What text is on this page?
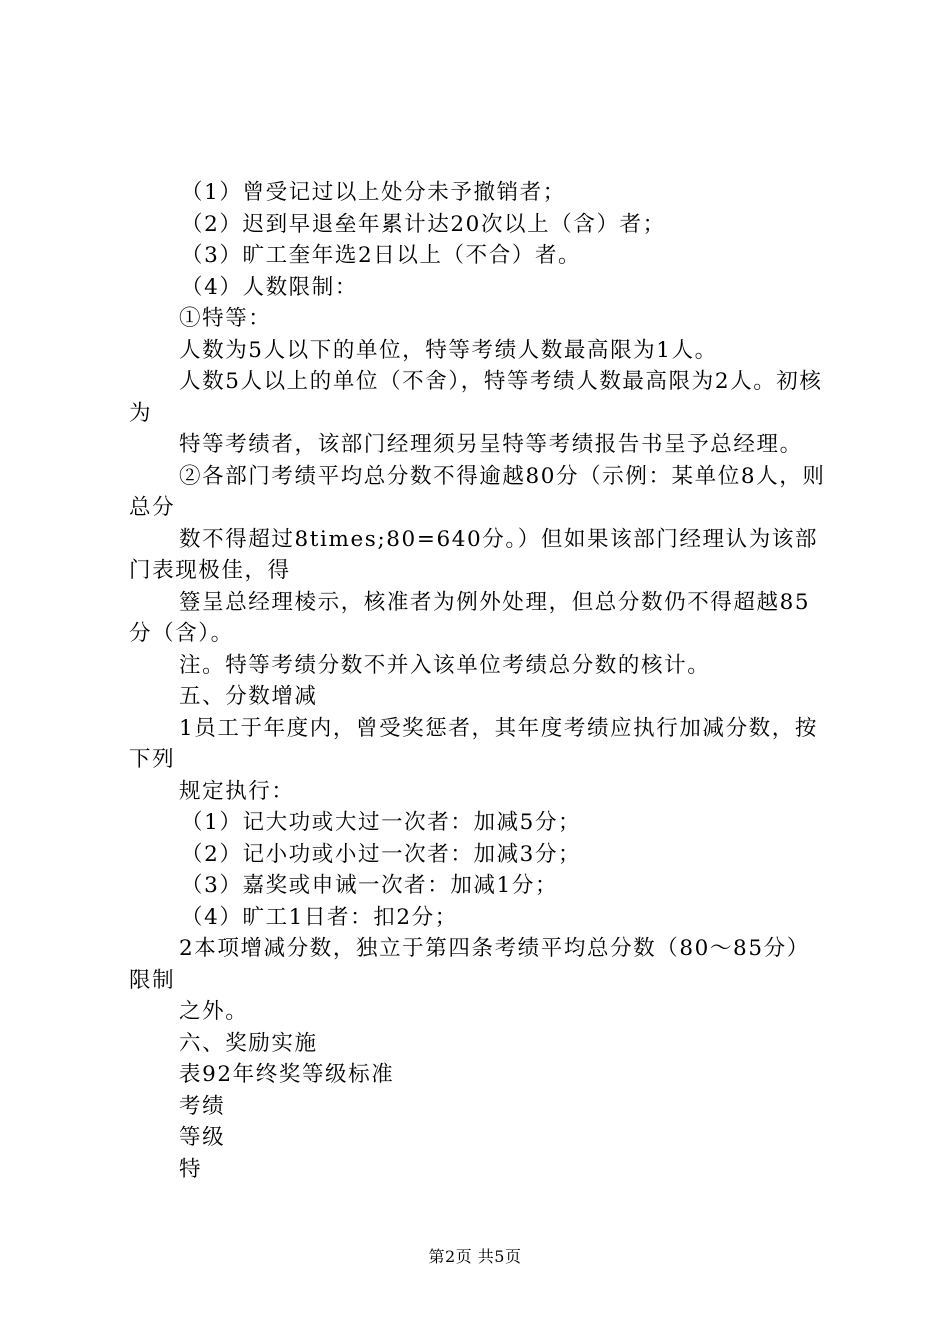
（1）曾受记过以上处分未予撤销者；

（2）迟到早退垒年累计达20次以上（含）者；

（3）旷工奎年选2日以上（不合）者。

（4）人数限制：

①特等：

人数为5人以下的单位，特等考绩人数最高限为1人。

人数5人以上的单位（不舍），特等考绩人数最高限为2人。初核为

特等考绩者，该部门经理须另呈特等考绩报告书呈予总经理。

②各部门考绩平均总分数不得逾越80分（示例：某单位8人，则总分

数不得超过8times;80=640分。）但如果该部门经理认为该部门表现极佳，得

簦呈总经理棱示，核准者为例外处理，但总分数仍不得超越85分（含）。

注。特等考绩分数不并入该单位考绩总分数的核计。

五、分数增减

1员工于年度内，曾受奖惩者，其年度考绩应执行加减分数，按下列

规定执行：

（1）记大功或大过一次者：加减5分；

（2）记小功或小过一次者：加减3分；

（3）嘉奖或申诫一次者：加减1分；

（4）旷工1日者：扣2分；

2本项增减分数，独立于第四条考绩平均总分数（80～85分）限制

之外。

六、奖励实施

表92年终奖等级标准

考绩

等级

特

第2页 共5页
